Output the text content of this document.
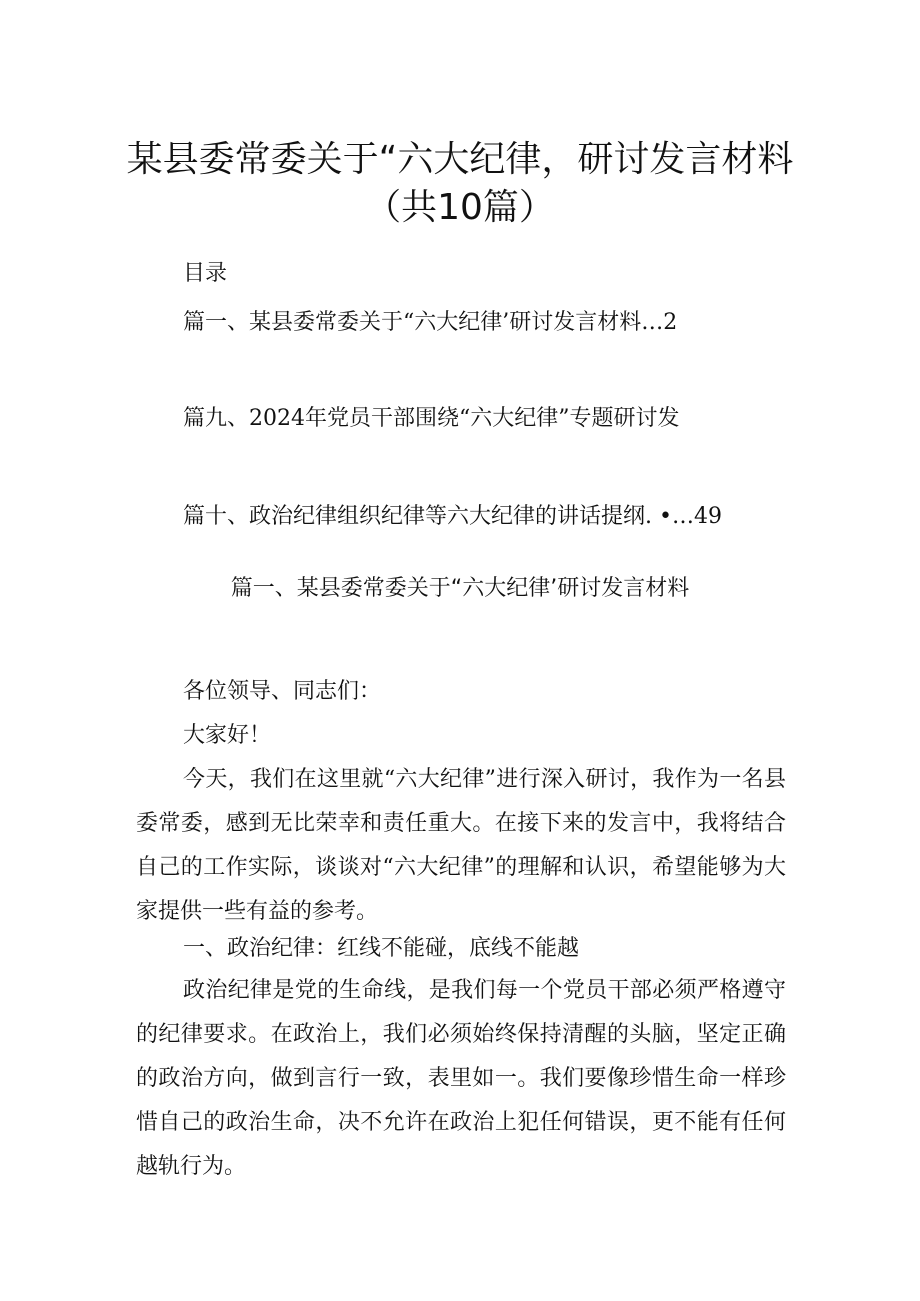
某县委常委关于“六大纪律，研讨发言材料
（共10篇）
目录
篇一、某县委常委关于“六大纪律’研讨发言材料…2
篇九、2024年党员干部围绕“六大纪律”专题研讨发
篇十、政治纪律组织纪律等六大纪律的讲话提纲. •…49
篇一、某县委常委关于“六大纪律’研讨发言材料

各位领导、同志们：

大家好！

今天，我们在这里就“六大纪律”进行深入研讨，我作为一名县委常委，感到无比荣幸和责任重大。在接下来的发言中，我将结合自己的工作实际，谈谈对“六大纪律”的理解和认识，希望能够为大家提供一些有益的参考。

一、政治纪律：红线不能碰，底线不能越

政治纪律是党的生命线，是我们每一个党员干部必须严格遵守的纪律要求。在政治上，我们必须始终保持清醒的头脑，坚定正确的政治方向，做到言行一致，表里如一。我们要像珍惜生命一样珍惜自己的政治生命，决不允许在政治上犯任何错误，更不能有任何越轨行为。
